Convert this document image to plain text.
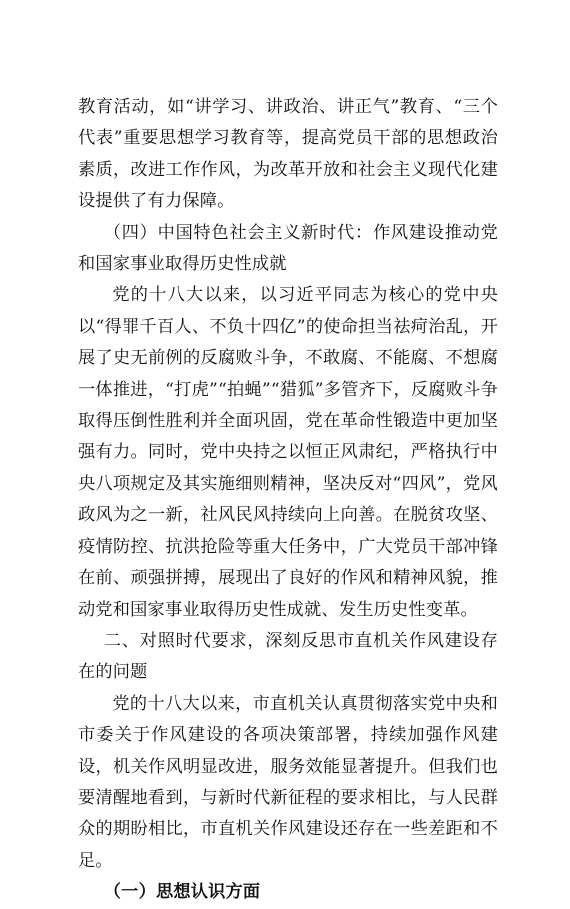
教育活动，如“讲学习、讲政治、讲正气”教育、“三个代表”重要思想学习教育等，提高党员干部的思想政治素质，改进工作作风，为改革开放和社会主义现代化建设提供了有力保障。

（四）中国特色社会主义新时代：作风建设推动党和国家事业取得历史性成就

党的十八大以来，以习近平同志为核心的党中央以“得罪千百人、不负十四亿”的使命担当祛疴治乱，开展了史无前例的反腐败斗争，不敢腐、不能腐、不想腐一体推进，“打虎”“拍蝇”“猎狐”多管齐下，反腐败斗争取得压倒性胜利并全面巩固，党在革命性锻造中更加坚强有力。同时，党中央持之以恒正风肃纪，严格执行中央八项规定及其实施细则精神，坚决反对“四风”，党风政风为之一新，社风民风持续向上向善。在脱贫攻坚、疫情防控、抗洪抢险等重大任务中，广大党员干部冲锋在前、顽强拼搏，展现出了良好的作风和精神风貌，推动党和国家事业取得历史性成就、发生历史性变革。

二、对照时代要求，深刻反思市直机关作风建设存在的问题

党的十八大以来，市直机关认真贯彻落实党中央和市委关于作风建设的各项决策部署，持续加强作风建设，机关作风明显改进，服务效能显著提升。但我们也要清醒地看到，与新时代新征程的要求相比，与人民群众的期盼相比，市直机关作风建设还存在一些差距和不足。

（一）思想认识方面
